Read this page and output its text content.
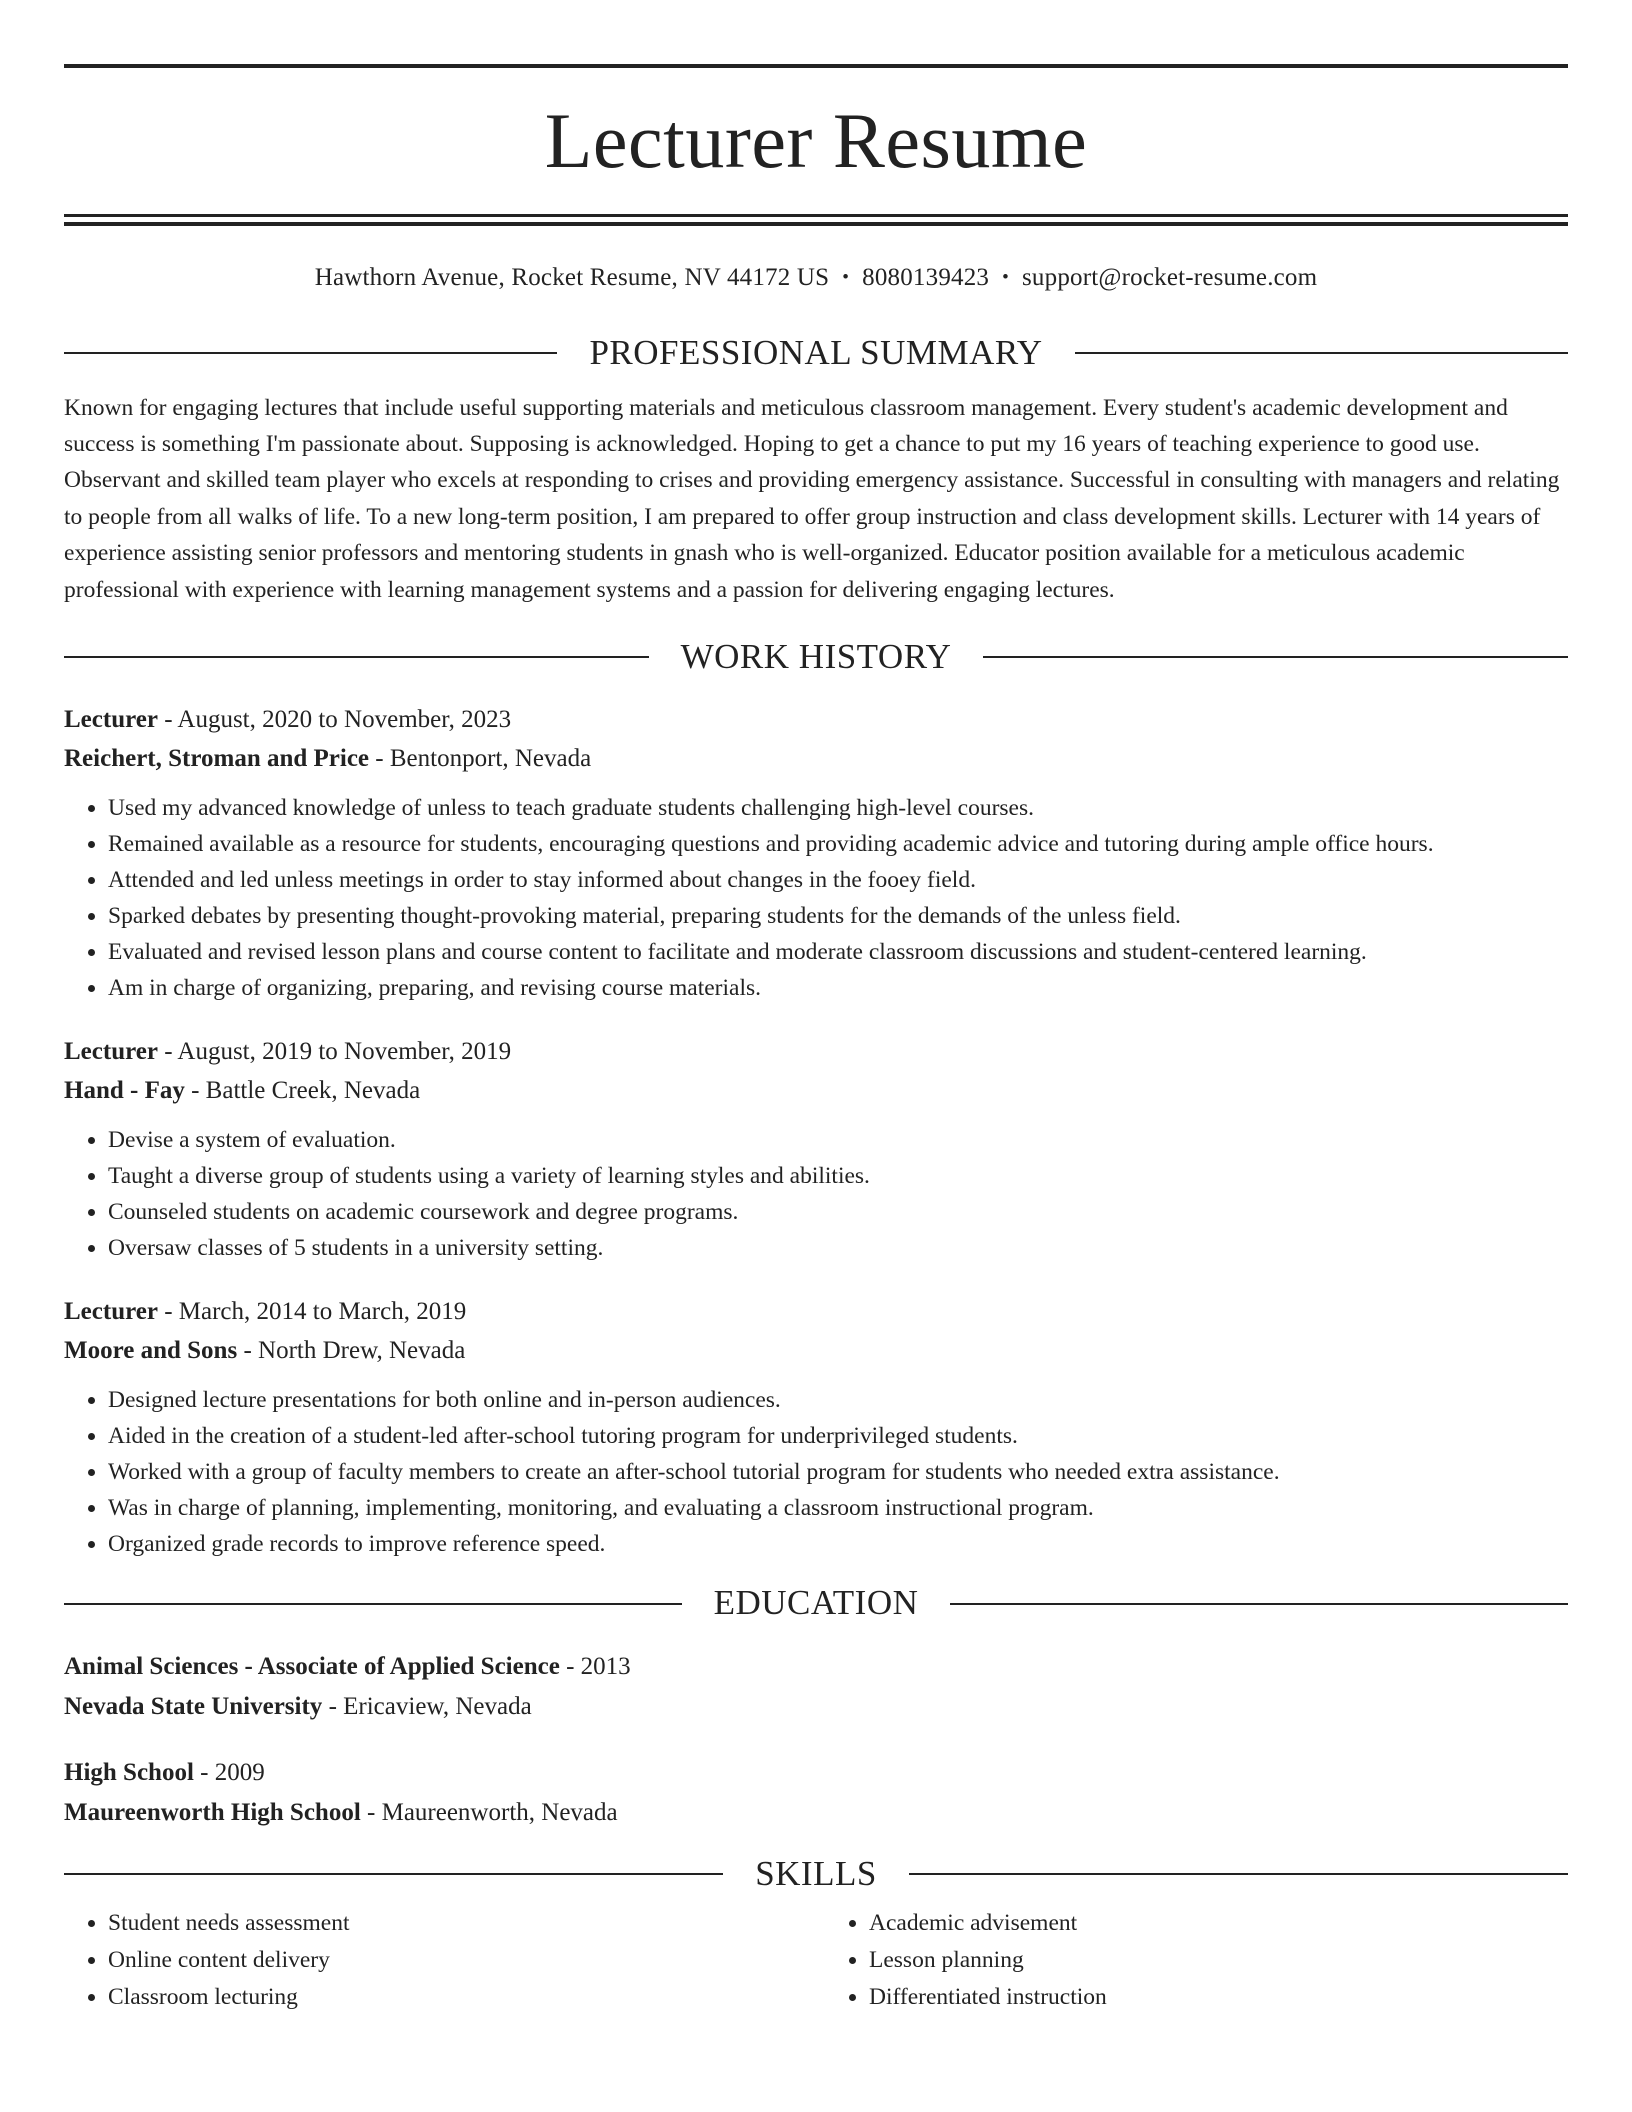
Lecturer Resume
Hawthorn Avenue, Rocket Resume, NV 44172 US • 8080139423 • support@rocket-resume.com
PROFESSIONAL SUMMARY

Known for engaging lectures that include useful supporting materials and meticulous classroom management. Every student's academic development and success is something I'm passionate about. Supposing is acknowledged. Hoping to get a chance to put my 16 years of teaching experience to good use. Observant and skilled team player who excels at responding to crises and providing emergency assistance. Successful in consulting with managers and relating to people from all walks of life. To a new long-term position, I am prepared to offer group instruction and class development skills. Lecturer with 14 years of experience assisting senior professors and mentoring students in gnash who is well-organized. Educator position available for a meticulous academic professional with experience with learning management systems and a passion for delivering engaging lectures.

WORK HISTORY
Lecturer - August, 2020 to November, 2023
Reichert, Stroman and Price - Bentonport, Nevada
• Used my advanced knowledge of unless to teach graduate students challenging high-level courses.
• Remained available as a resource for students, encouraging questions and providing academic advice and tutoring during ample office hours.
• Attended and led unless meetings in order to stay informed about changes in the fooey field.
• Sparked debates by presenting thought-provoking material, preparing students for the demands of the unless field.
• Evaluated and revised lesson plans and course content to facilitate and moderate classroom discussions and student-centered learning.
• Am in charge of organizing, preparing, and revising course materials.
Lecturer - August, 2019 to November, 2019
Hand - Fay - Battle Creek, Nevada
• Devise a system of evaluation.
• Taught a diverse group of students using a variety of learning styles and abilities.
• Counseled students on academic coursework and degree programs.
• Oversaw classes of 5 students in a university setting.
Lecturer - March, 2014 to March, 2019
Moore and Sons - North Drew, Nevada
• Designed lecture presentations for both online and in-person audiences.
• Aided in the creation of a student-led after-school tutoring program for underprivileged students.
• Worked with a group of faculty members to create an after-school tutorial program for students who needed extra assistance.
• Was in charge of planning, implementing, monitoring, and evaluating a classroom instructional program.
• Organized grade records to improve reference speed.
EDUCATION
Animal Sciences - Associate of Applied Science - 2013
Nevada State University - Ericaview, Nevada
High School - 2009
Maureenworth High School - Maureenworth, Nevada
SKILLS
• Student needs assessment
• Online content delivery
• Classroom lecturing
• Academic advisement
• Lesson planning
• Differentiated instruction
